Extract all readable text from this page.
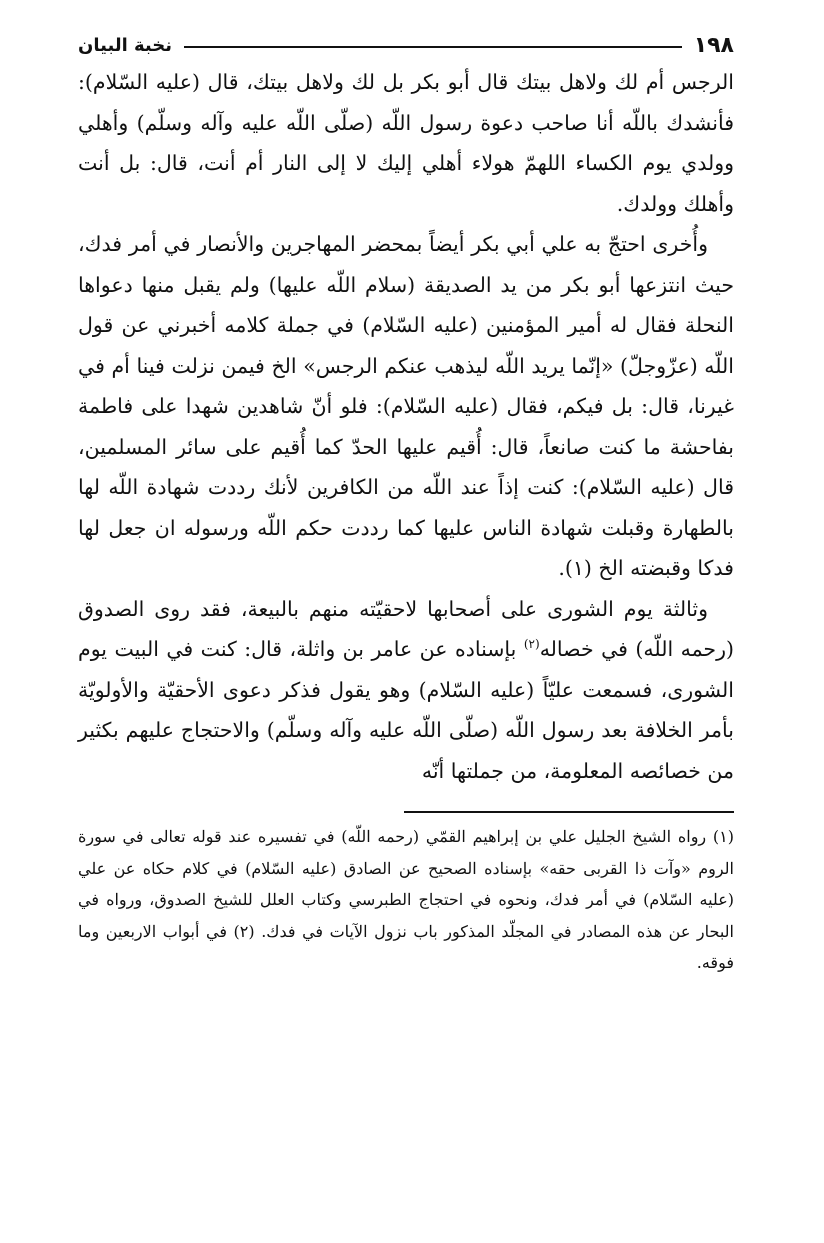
١٩٨
نخبة البيان

الرجس أم لك ولاهل بيتك قال أبو بكر بل لك ولاهل بيتك، قال (عليه السّلام): فأنشدك باللّه أنا صاحب دعوة رسول اللّه (صلّى اللّه عليه وآله وسلّم) وأهلي وولدي يوم الكساء اللهمّ هولاء أهلي إليك لا إلى النار أم أنت، قال: بل أنت وأهلك وولدك.

وأُخرى احتجّ به علي أبي بكر أيضاً بمحضر المهاجرين والأنصار في أمر فدك، حيث انتزعها أبو بكر من يد الصديقة (سلام اللّه عليها) ولم يقبل منها دعواها النحلة فقال له أمير المؤمنين (عليه السّلام) في جملة كلامه أخبرني عن قول اللّه (عزّوجلّ) «إنّما يريد اللّه ليذهب عنكم الرجس» الخ فيمن نزلت فينا أم في غيرنا، قال: بل فيكم، فقال (عليه السّلام): فلو أنّ شاهدين شهدا على فاطمة بفاحشة ما كنت صانعاً، قال: أُقيم عليها الحدّ كما أُقيم على سائر المسلمين، قال (عليه السّلام): كنت إذاً عند اللّه من الكافرين لأنك رددت شهادة اللّه لها بالطهارة وقبلت شهادة الناس عليها كما رددت حكم اللّه ورسوله ان جعل لها فدكا وقبضته الخ (١).

وثالثة يوم الشورى على أصحابها لاحقيّته منهم بالبيعة، فقد روى الصدوق (رحمه اللّه) في خصاله$^{(٢)}$ بإسناده عن عامر بن واثلة، قال: كنت في البيت يوم الشورى، فسمعت عليّاً (عليه السّلام) وهو يقول فذكر دعوى الأحقيّة والأولويّة بأمر الخلافة بعد رسول اللّه (صلّى اللّه عليه وآله وسلّم) والاحتجاج عليهم بكثير من خصائصه المعلومة، من جملتها أنّه

(١) رواه الشيخ الجليل علي بن إبراهيم القمّي (رحمه اللّه) في تفسيره عند قوله تعالى في سورة الروم «وآت ذا القربى حقه» بإسناده الصحيح عن الصادق (عليه السّلام) في كلام حكاه عن علي (عليه السّلام) في أمر فدك، ونحوه في احتجاج الطبرسي وكتاب العلل للشيخ الصدوق، ورواه في البحار عن هذه المصادر في المجلّد المذكور باب نزول الآيات في فدك. (٢) في أبواب الاربعين وما فوقه.
